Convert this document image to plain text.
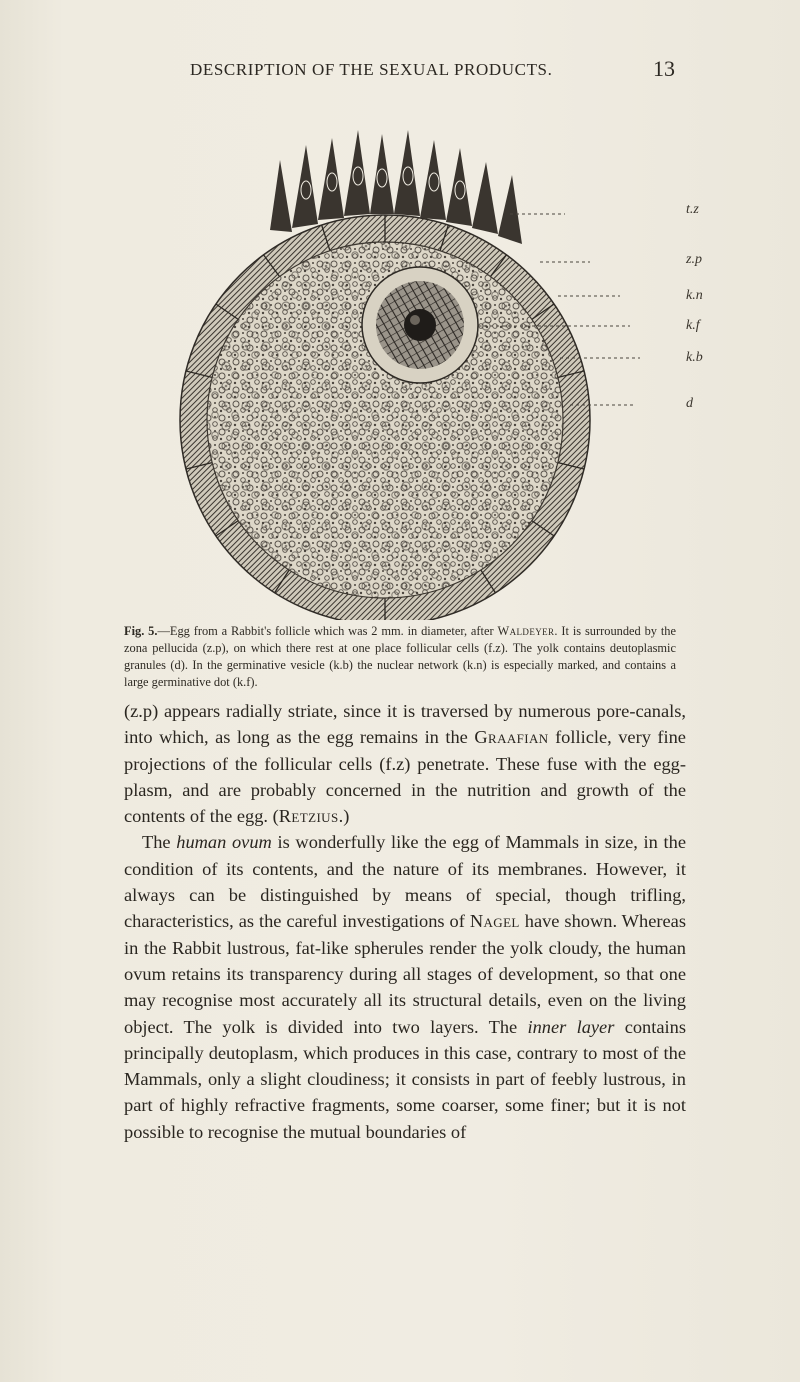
DESCRIPTION OF THE SEXUAL PRODUCTS.	13
t.z
z.p
k.n
k.f
k.b
d
Fig. 5.—Egg from a Rabbit's follicle which was 2 mm. in diameter, after Waldeyer. It is surrounded by the zona pellucida (z.p), on which there rest at one place follicular cells (f.z). The yolk contains deutoplasmic granules (d). In the germinative vesicle (k.b) the nuclear network (k.n) is especially marked, and contains a large germinative dot (k.f).

(z.p) appears radially striate, since it is traversed by numerous pore-canals, into which, as long as the egg remains in the Graafian follicle, very fine projections of the follicular cells (f.z) penetrate. These fuse with the egg-plasm, and are probably concerned in the nutrition and growth of the contents of the egg. (Retzius.)

The human ovum is wonderfully like the egg of Mammals in size, in the condition of its contents, and the nature of its membranes. However, it always can be distinguished by means of special, though trifling, characteristics, as the careful investigations of Nagel have shown. Whereas in the Rabbit lustrous, fat-like spherules render the yolk cloudy, the human ovum retains its transparency during all stages of development, so that one may recognise most accurately all its structural details, even on the living object. The yolk is divided into two layers. The inner layer contains principally deutoplasm, which produces in this case, contrary to most of the Mammals, only a slight cloudiness; it consists in part of feebly lustrous, in part of highly refractive fragments, some coarser, some finer; but it is not possible to recognise the mutual boundaries of
